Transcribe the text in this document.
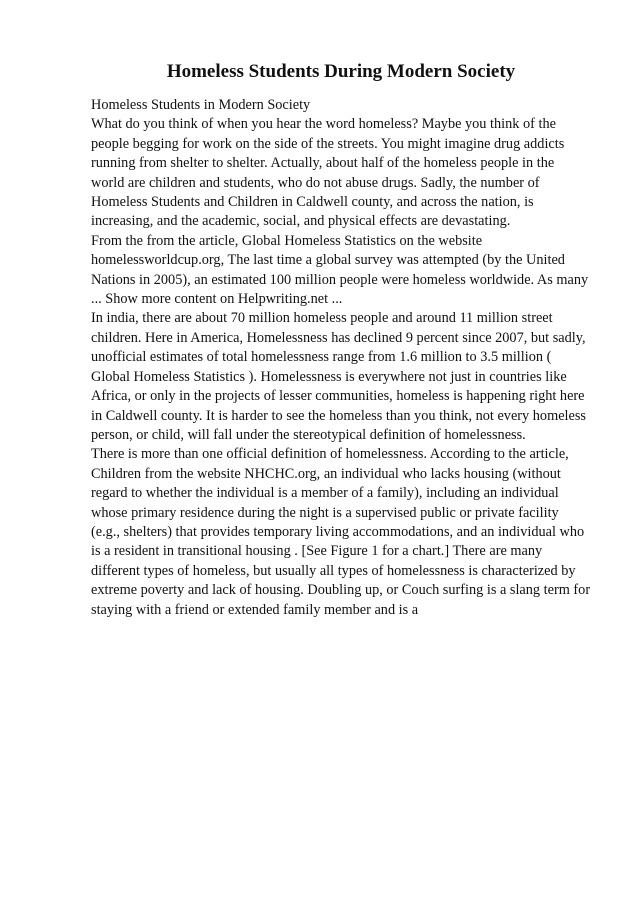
Homeless Students During Modern Society

Homeless Students in Modern Society

What do you think of when you hear the word homeless? Maybe you think of the people begging for work on the side of the streets. You might imagine drug addicts running from shelter to shelter. Actually, about half of the homeless people in the world are children and students, who do not abuse drugs. Sadly, the number of Homeless Students and Children in Caldwell county, and across the nation, is increasing, and the academic, social, and physical effects are devastating.

From the from the article, Global Homeless Statistics on the website homelessworldcup.org, The last time a global survey was attempted (by the United Nations in 2005), an estimated 100 million people were homeless worldwide. As many ... Show more content on Helpwriting.net ...

In india, there are about 70 million homeless people and around 11 million street children. Here in America, Homelessness has declined 9 percent since 2007, but sadly, unofficial estimates of total homelessness range from 1.6 million to 3.5 million ( Global Homeless Statistics ). Homelessness is everywhere not just in countries like Africa, or only in the projects of lesser communities, homeless is happening right here in Caldwell county. It is harder to see the homeless than you think, not every homeless person, or child, will fall under the stereotypical definition of homelessness.

There is more than one official definition of homelessness. According to the article, Children from the website NHCHC.org, an individual who lacks housing (without regard to whether the individual is a member of a family), including an individual whose primary residence during the night is a supervised public or private facility (e.g., shelters) that provides temporary living accommodations, and an individual who is a resident in transitional housing . [See Figure 1 for a chart.] There are many different types of homeless, but usually all types of homelessness is characterized by extreme poverty and lack of housing. Doubling up, or Couch surfing is a slang term for staying with a friend or extended family member and is a
